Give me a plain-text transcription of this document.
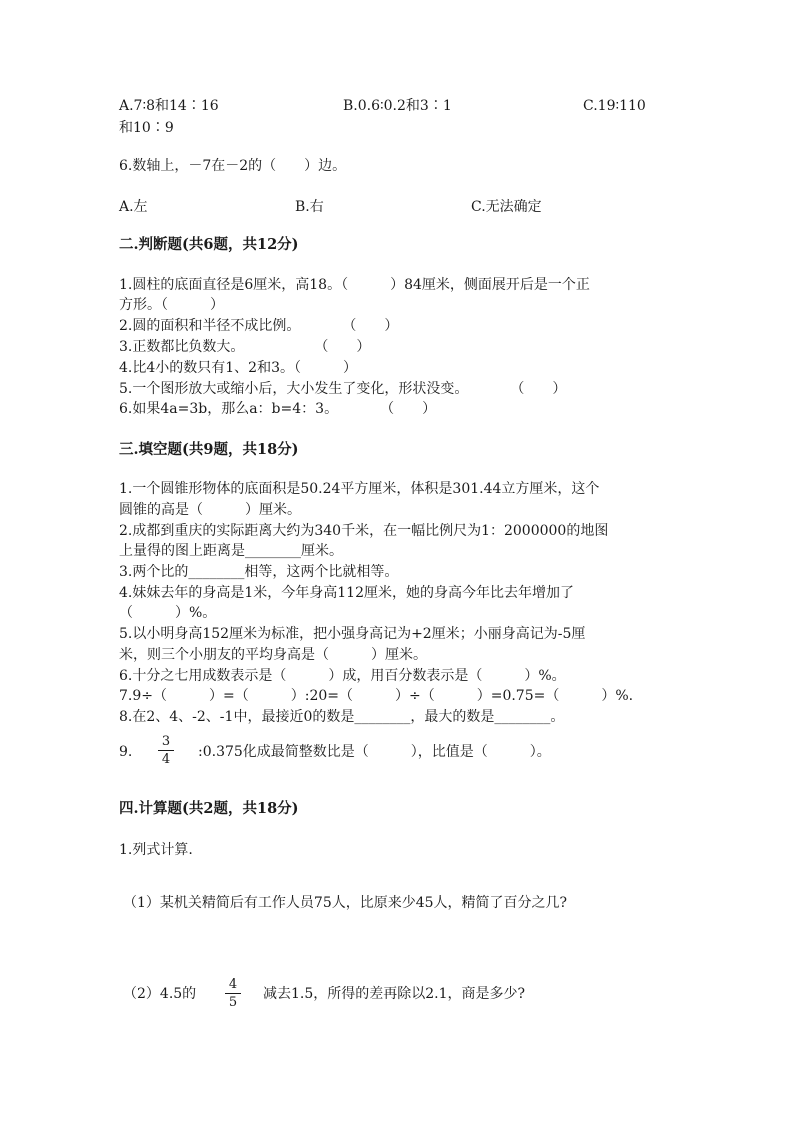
A.7∶8和14∶16	B.0.6∶0.2和3∶1	C.19∶110
和10∶9
6.数轴上，－7在－2的（　　）边。
A.左	B.右	C.无法确定
二.判断题(共6题，共12分)
1.圆柱的底面直径是6厘米，高18。（　　　）84厘米，侧面展开后是一个正
方形。（　　　）
2.圆的面积和半径不成比例。　　　　（　　）
3.正数都比负数大。　　　　　　（　　）
4.比4小的数只有1、2和3。（　　　）
5.一个图形放大或缩小后，大小发生了变化，形状没变。　　　　（　　）
6.如果4a=3b，那么a：b=4：3。　　　　（　　）
三.填空题(共9题，共18分)
1.一个圆锥形物体的底面积是50.24平方厘米，体积是301.44立方厘米，这个
圆锥的高是（　　　）厘米。
2.成都到重庆的实际距离大约为340千米，在一幅比例尺为1：2000000的地图
上量得的图上距离是________厘米。
3.两个比的________相等，这两个比就相等。
4.妹妹去年的身高是1米，今年身高112厘米，她的身高今年比去年增加了
（　　　）%。
5.以小明身高152厘米为标准，把小强身高记为+2厘米；小丽身高记为-5厘
米，则三个小朋友的平均身高是（　　　）厘米。
6.十分之七用成数表示是（　　　）成，用百分数表示是（　　　）%。
7.9÷（　　　）=（　　　）:20=（　　　）÷（　　　）=0.75=（　　　）%.
8.在2、4、-2、-1中，最接近0的数是________，最大的数是________。
9.
3
4 :0.375化成最简整数比是（　　　），比值是（　　　）。
四.计算题(共2题，共18分)
1.列式计算.
（1）某机关精简后有工作人员75人，比原来少45人，精简了百分之几?
（2）4.5的
4
5
减去1.5，所得的差再除以2.1，商是多少?
